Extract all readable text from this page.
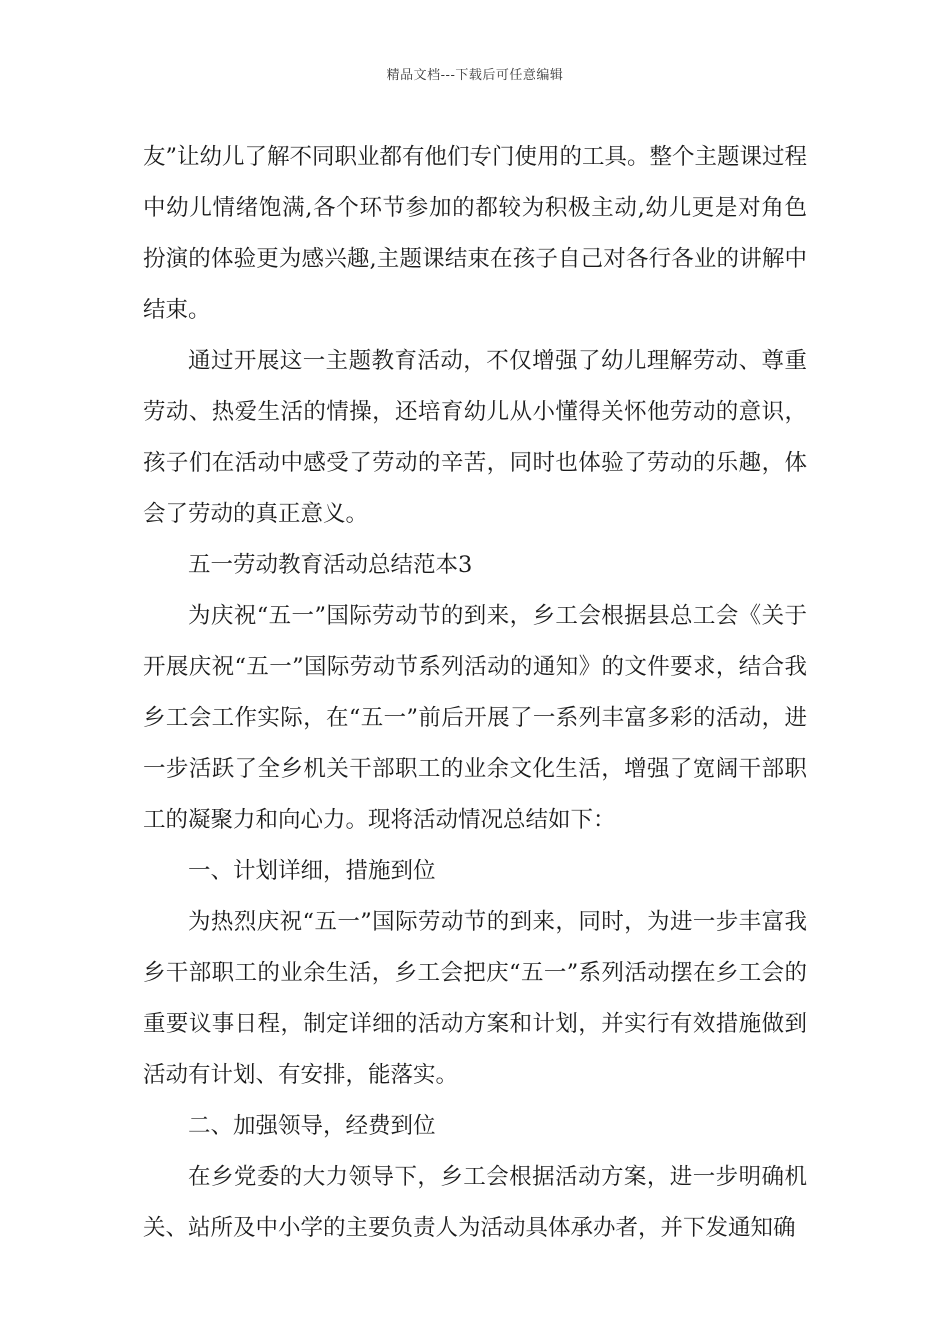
精品文档---下载后可任意编辑

友”让幼儿了解不同职业都有他们专门使用的工具。整个主题课过程中幼儿情绪饱满,各个环节参加的都较为积极主动,幼儿更是对角色扮演的体验更为感兴趣,主题课结束在孩子自己对各行各业的讲解中结束。

通过开展这一主题教育活动，不仅增强了幼儿理解劳动、尊重劳动、热爱生活的情操，还培育幼儿从小懂得关怀他劳动的意识，孩子们在活动中感受了劳动的辛苦，同时也体验了劳动的乐趣，体会了劳动的真正意义。

五一劳动教育活动总结范本3

为庆祝“五一”国际劳动节的到来，乡工会根据县总工会《关于开展庆祝“五一”国际劳动节系列活动的通知》的文件要求，结合我乡工会工作实际，在“五一”前后开展了一系列丰富多彩的活动，进一步活跃了全乡机关干部职工的业余文化生活，增强了宽阔干部职工的凝聚力和向心力。现将活动情况总结如下：

一、计划详细，措施到位

为热烈庆祝“五一”国际劳动节的到来，同时，为进一步丰富我乡干部职工的业余生活，乡工会把庆“五一”系列活动摆在乡工会的重要议事日程，制定详细的活动方案和计划，并实行有效措施做到活动有计划、有安排，能落实。

二、加强领导，经费到位

在乡党委的大力领导下，乡工会根据活动方案，进一步明确机关、站所及中小学的主要负责人为活动具体承办者，并下发通知确
